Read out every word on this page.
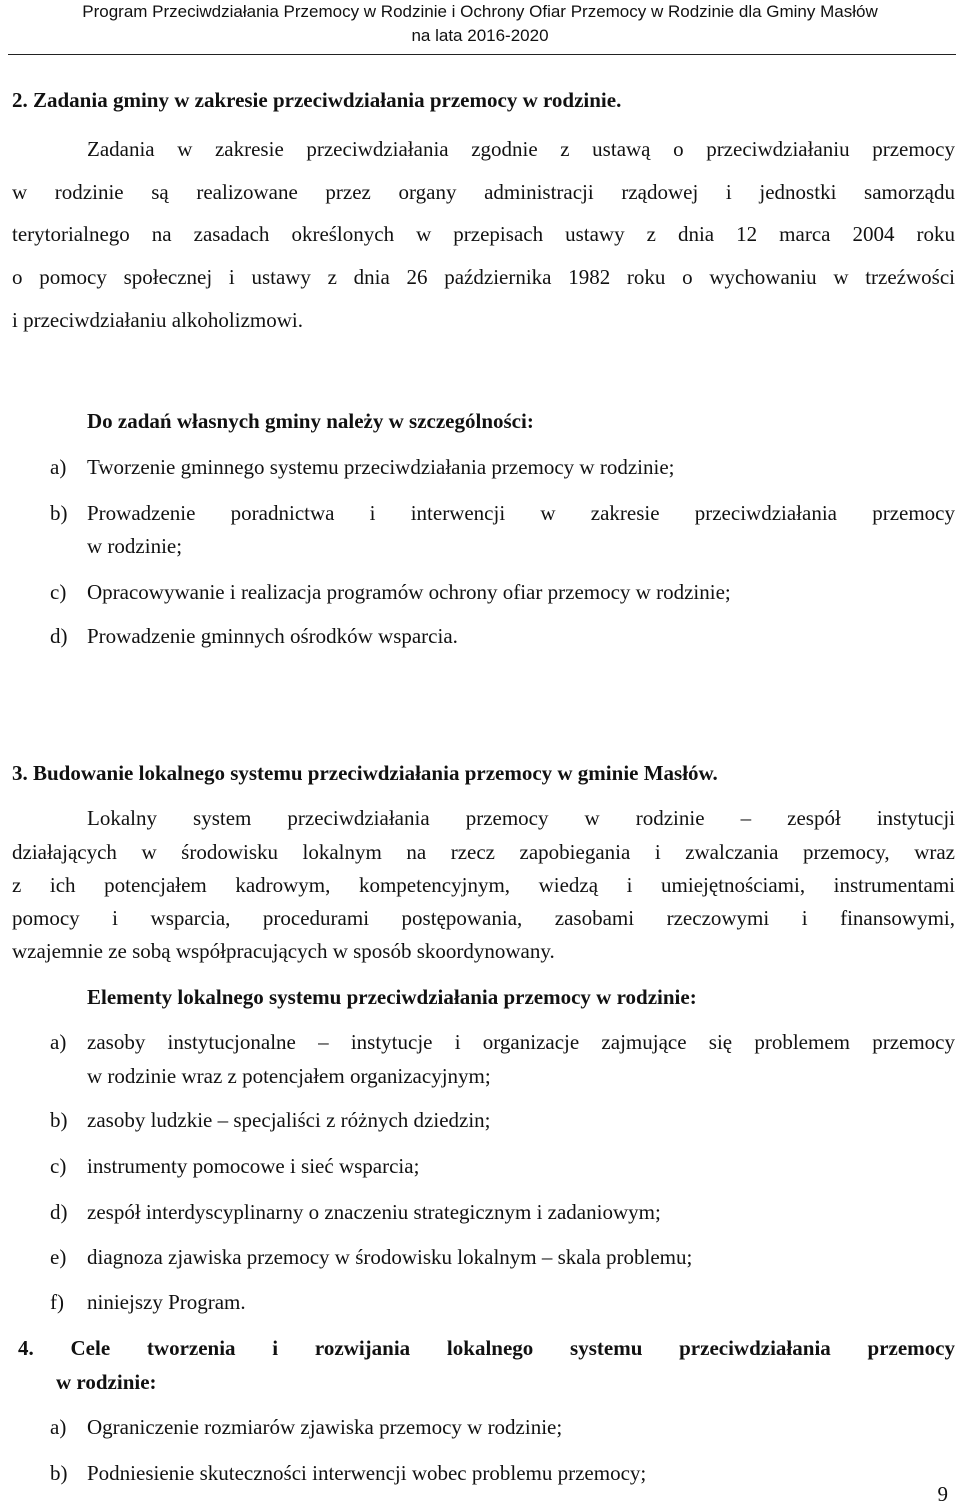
Program Przeciwdziałania Przemocy w Rodzinie i Ochrony Ofiar Przemocy w Rodzinie dla Gminy Masłów
na lata 2016-2020
2. Zadania gminy w zakresie przeciwdziałania przemocy w rodzinie.
Zadania w zakresie przeciwdziałania zgodnie z ustawą o przeciwdziałaniu przemocy
w rodzinie są realizowane przez organy administracji rządowej i jednostki samorządu
terytorialnego na zasadach określonych w przepisach ustawy z dnia 12 marca 2004 roku
o pomocy społecznej i ustawy z dnia 26 października 1982 roku o wychowaniu w trzeźwości
i przeciwdziałaniu alkoholizmowi.
Do zadań własnych gminy należy w szczególności:
a) Tworzenie gminnego systemu przeciwdziałania przemocy w rodzinie;
b) Prowadzenie poradnictwa i interwencji w zakresie przeciwdziałania przemocy
w rodzinie;
c) Opracowywanie i realizacja programów ochrony ofiar przemocy w rodzinie;
d) Prowadzenie gminnych ośrodków wsparcia.
3. Budowanie lokalnego systemu przeciwdziałania przemocy w gminie Masłów.
Lokalny system przeciwdziałania przemocy w rodzinie – zespół instytucji
działających w środowisku lokalnym na rzecz zapobiegania i zwalczania przemocy, wraz
z ich potencjałem kadrowym, kompetencyjnym, wiedzą i umiejętnościami, instrumentami
pomocy i wsparcia, procedurami postępowania, zasobami rzeczowymi i finansowymi,
wzajemnie ze sobą współpracujących w sposób skoordynowany.
Elementy lokalnego systemu przeciwdziałania przemocy w rodzinie:
a) zasoby instytucjonalne – instytucje i organizacje zajmujące się problemem przemocy
w rodzinie wraz z potencjałem organizacyjnym;
b) zasoby ludzkie – specjaliści z różnych dziedzin;
c) instrumenty pomocowe i sieć wsparcia;
d) zespół interdyscyplinarny o znaczeniu strategicznym i zadaniowym;
e) diagnoza zjawiska przemocy w środowisku lokalnym – skala problemu;
f) niniejszy Program.
4. Cele tworzenia i rozwijania lokalnego systemu przeciwdziałania przemocy
w rodzinie:
a) Ograniczenie rozmiarów zjawiska przemocy w rodzinie;
b) Podniesienie skuteczności interwencji wobec problemu przemocy;
9
